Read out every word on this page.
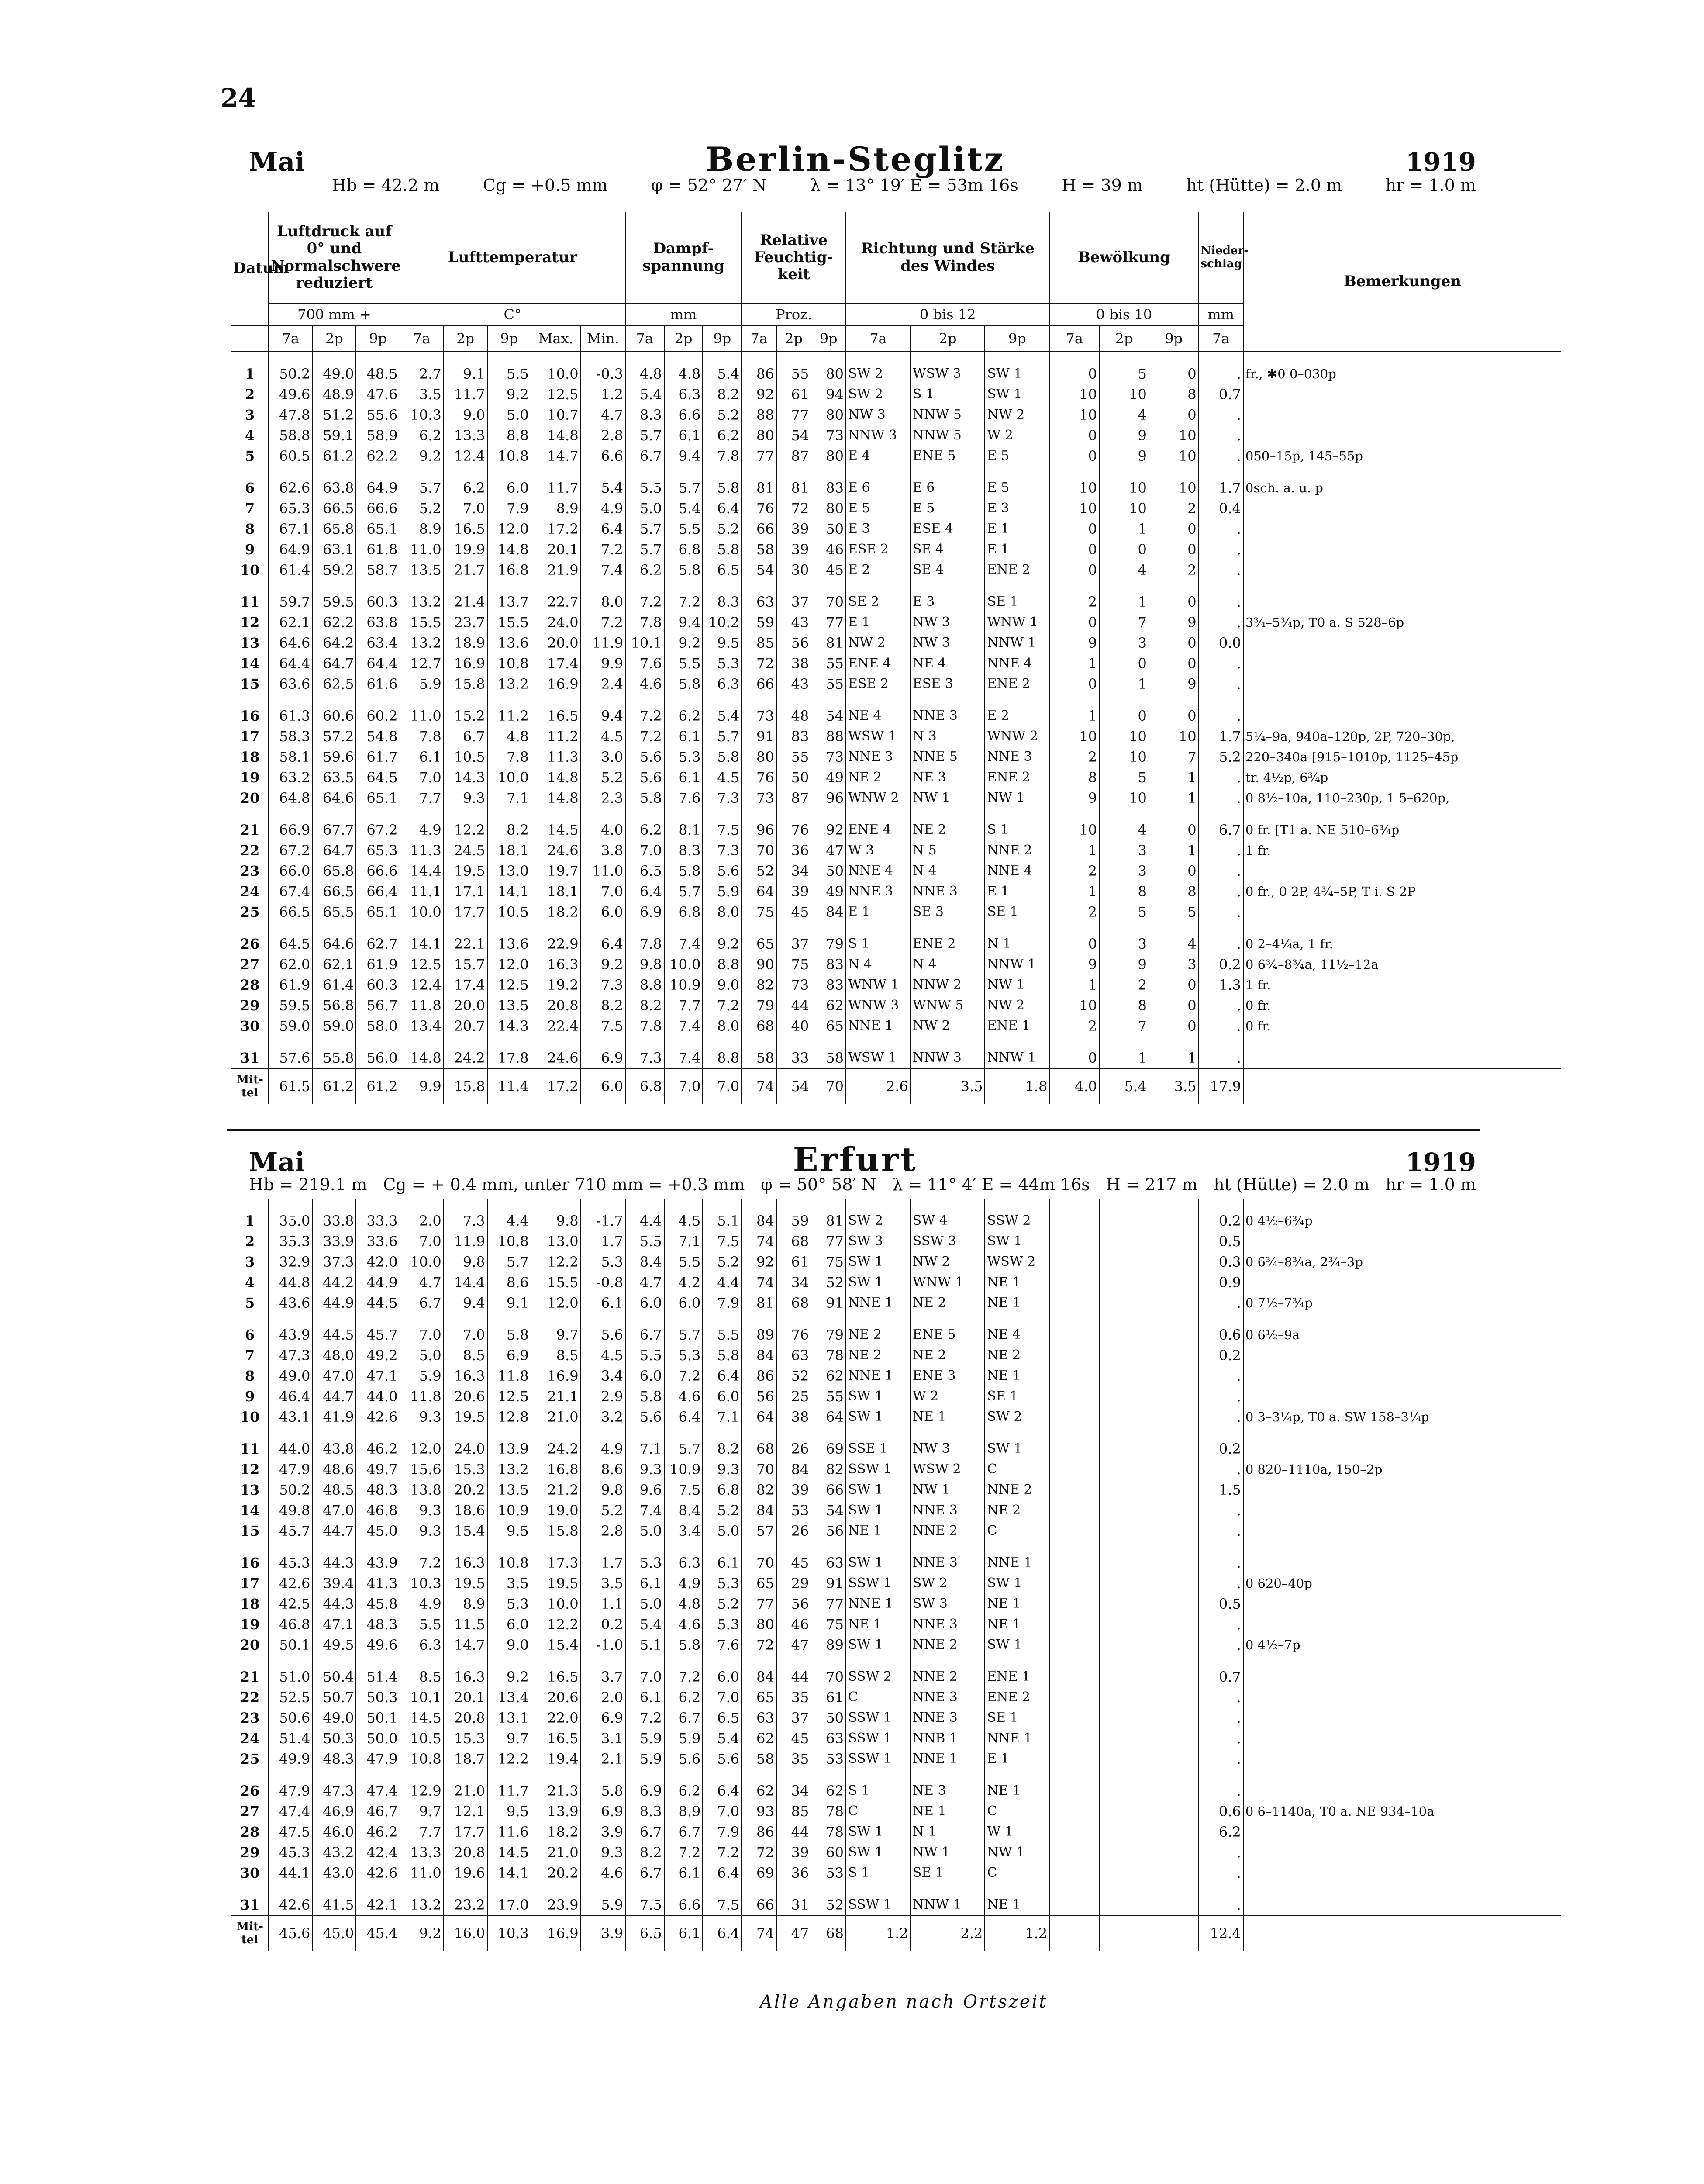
24
Mai	Berlin-Steglitz	1919
Hb = 42.2 m	Cg = +0.5 mm	φ = 52° 27′ N	λ = 13° 19′ E = 53m 16s	H = 39 m	ht (Hütte) = 2.0 m	hr = 1.0 m
Datum	Luftdruck auf 0° und Normalschwere reduziert			Lufttemperatur					Dampf- spannung			Relative Feuchtig- keit			Richtung und Stärke des Windes			Bewölkung			Nieder- schlag	Bemerkungen
	700 mm +			C°					mm			Proz.			0 bis 12			0 bis 10			mm	
	7a	2p	9p	7a	2p	9p	Max.	Min.	7a	2p	9p	7a	2p	9p	7a	2p	9p	7a	2p	9p	7a	
1	50.2	49.0	48.5	2.7	9.1	5.5	10.0	-0.3	4.8	4.8	5.4	86	55	80	SW 2	WSW 3	SW 1	0	5	0	.	fr., ✱0 0–030p
2	49.6	48.9	47.6	3.5	11.7	9.2	12.5	1.2	5.4	6.3	8.2	92	61	94	SW 2	S 1	SW 1	10	10	8	0.7	
3	47.8	51.2	55.6	10.3	9.0	5.0	10.7	4.7	8.3	6.6	5.2	88	77	80	NW 3	NNW 5	NW 2	10	4	0	.	
4	58.8	59.1	58.9	6.2	13.3	8.8	14.8	2.8	5.7	6.1	6.2	80	54	73	NNW 3	NNW 5	W 2	0	9	10	.	
5	60.5	61.2	62.2	9.2	12.4	10.8	14.7	6.6	6.7	9.4	7.8	77	87	80	E 4	ENE 5	E 5	0	9	10	.	050–15p, 145–55p
6	62.6	63.8	64.9	5.7	6.2	6.0	11.7	5.4	5.5	5.7	5.8	81	81	83	E 6	E 6	E 5	10	10	10	1.7	0sch. a. u. p
7	65.3	66.5	66.6	5.2	7.0	7.9	8.9	4.9	5.0	5.4	6.4	76	72	80	E 5	E 5	E 3	10	10	2	0.4	
8	67.1	65.8	65.1	8.9	16.5	12.0	17.2	6.4	5.7	5.5	5.2	66	39	50	E 3	ESE 4	E 1	0	1	0	.	
9	64.9	63.1	61.8	11.0	19.9	14.8	20.1	7.2	5.7	6.8	5.8	58	39	46	ESE 2	SE 4	E 1	0	0	0	.	
10	61.4	59.2	58.7	13.5	21.7	16.8	21.9	7.4	6.2	5.8	6.5	54	30	45	E 2	SE 4	ENE 2	0	4	2	.	
11	59.7	59.5	60.3	13.2	21.4	13.7	22.7	8.0	7.2	7.2	8.3	63	37	70	SE 2	E 3	SE 1	2	1	0	.	
12	62.1	62.2	63.8	15.5	23.7	15.5	24.0	7.2	7.8	9.4	10.2	59	43	77	E 1	NW 3	WNW 1	0	7	9	.	3¾–5¾p, T0 a. S 528–6p
13	64.6	64.2	63.4	13.2	18.9	13.6	20.0	11.9	10.1	9.2	9.5	85	56	81	NW 2	NW 3	NNW 1	9	3	0	0.0	
14	64.4	64.7	64.4	12.7	16.9	10.8	17.4	9.9	7.6	5.5	5.3	72	38	55	ENE 4	NE 4	NNE 4	1	0	0	.	
15	63.6	62.5	61.6	5.9	15.8	13.2	16.9	2.4	4.6	5.8	6.3	66	43	55	ESE 2	ESE 3	ENE 2	0	1	9	.	
16	61.3	60.6	60.2	11.0	15.2	11.2	16.5	9.4	7.2	6.2	5.4	73	48	54	NE 4	NNE 3	E 2	1	0	0	.	
17	58.3	57.2	54.8	7.8	6.7	4.8	11.2	4.5	7.2	6.1	5.7	91	83	88	WSW 1	N 3	WNW 2	10	10	10	1.7	5¼–9a, 940a–120p, 2P, 720–30p,
18	58.1	59.6	61.7	6.1	10.5	7.8	11.3	3.0	5.6	5.3	5.8	80	55	73	NNE 3	NNE 5	NNE 3	2	10	7	5.2	220–340a [915–1010p, 1125–45p
19	63.2	63.5	64.5	7.0	14.3	10.0	14.8	5.2	5.6	6.1	4.5	76	50	49	NE 2	NE 3	ENE 2	8	5	1	.	tr. 4½p, 6¾p
20	64.8	64.6	65.1	7.7	9.3	7.1	14.8	2.3	5.8	7.6	7.3	73	87	96	WNW 2	NW 1	NW 1	9	10	1	.	0 8½–10a, 110–230p, 1 5–620p,
21	66.9	67.7	67.2	4.9	12.2	8.2	14.5	4.0	6.2	8.1	7.5	96	76	92	ENE 4	NE 2	S 1	10	4	0	6.7	0 fr. [T1 a. NE 510–6¾p
22	67.2	64.7	65.3	11.3	24.5	18.1	24.6	3.8	7.0	8.3	7.3	70	36	47	W 3	N 5	NNE 2	1	3	1	.	1 fr.
23	66.0	65.8	66.6	14.4	19.5	13.0	19.7	11.0	6.5	5.8	5.6	52	34	50	NNE 4	N 4	NNE 4	2	3	0	.	
24	67.4	66.5	66.4	11.1	17.1	14.1	18.1	7.0	6.4	5.7	5.9	64	39	49	NNE 3	NNE 3	E 1	1	8	8	.	0 fr., 0 2P, 4¾–5P, T i. S 2P
25	66.5	65.5	65.1	10.0	17.7	10.5	18.2	6.0	6.9	6.8	8.0	75	45	84	E 1	SE 3	SE 1	2	5	5	.	
26	64.5	64.6	62.7	14.1	22.1	13.6	22.9	6.4	7.8	7.4	9.2	65	37	79	S 1	ENE 2	N 1	0	3	4	.	0 2–4¼a, 1 fr.
27	62.0	62.1	61.9	12.5	15.7	12.0	16.3	9.2	9.8	10.0	8.8	90	75	83	N 4	N 4	NNW 1	9	9	3	0.2	0 6¾–8¾a, 11½–12a
28	61.9	61.4	60.3	12.4	17.4	12.5	19.2	7.3	8.8	10.9	9.0	82	73	83	WNW 1	NNW 2	NW 1	1	2	0	1.3	1 fr.
29	59.5	56.8	56.7	11.8	20.0	13.5	20.8	8.2	8.2	7.7	7.2	79	44	62	WNW 3	WNW 5	NW 2	10	8	0	.	0 fr.
30	59.0	59.0	58.0	13.4	20.7	14.3	22.4	7.5	7.8	7.4	8.0	68	40	65	NNE 1	NW 2	ENE 1	2	7	0	.	0 fr.
31	57.6	55.8	56.0	14.8	24.2	17.8	24.6	6.9	7.3	7.4	8.8	58	33	58	WSW 1	NNW 3	NNW 1	0	1	1	.	
Mit-tel	61.5	61.2	61.2	9.9	15.8	11.4	17.2	6.0	6.8	7.0	7.0	74	54	70	2.6	3.5	1.8	4.0	5.4	3.5	17.9	
Mai	Erfurt	1919
Hb = 219.1 m Cg = + 0.4 mm, unter 710 mm = +0.3 mm φ = 50° 58′ N λ = 11° 4′ E = 44m 16s H = 217 m ht (Hütte) = 2.0 m hr = 1.0 m
1	35.0	33.8	33.3	2.0	7.3	4.4	9.8	-1.7	4.4	4.5	5.1	84	59	81	SW 2	SW 4	SSW 2				0.2	0 4½–6¾p
2	35.3	33.9	33.6	7.0	11.9	10.8	13.0	1.7	5.5	7.1	7.5	74	68	77	SW 3	SSW 3	SW 1				0.5	
3	32.9	37.3	42.0	10.0	9.8	5.7	12.2	5.3	8.4	5.5	5.2	92	61	75	SW 1	NW 2	WSW 2				0.3	0 6¾–8¾a, 2¾–3p
4	44.8	44.2	44.9	4.7	14.4	8.6	15.5	-0.8	4.7	4.2	4.4	74	34	52	SW 1	WNW 1	NE 1				0.9	
5	43.6	44.9	44.5	6.7	9.4	9.1	12.0	6.1	6.0	6.0	7.9	81	68	91	NNE 1	NE 2	NE 1				.	0 7½–7¾p
6	43.9	44.5	45.7	7.0	7.0	5.8	9.7	5.6	6.7	5.7	5.5	89	76	79	NE 2	ENE 5	NE 4				0.6	0 6½–9a
7	47.3	48.0	49.2	5.0	8.5	6.9	8.5	4.5	5.5	5.3	5.8	84	63	78	NE 2	NE 2	NE 2				0.2	
8	49.0	47.0	47.1	5.9	16.3	11.8	16.9	3.4	6.0	7.2	6.4	86	52	62	NNE 1	ENE 3	NE 1				.	
9	46.4	44.7	44.0	11.8	20.6	12.5	21.1	2.9	5.8	4.6	6.0	56	25	55	SW 1	W 2	SE 1				.	
10	43.1	41.9	42.6	9.3	19.5	12.8	21.0	3.2	5.6	6.4	7.1	64	38	64	SW 1	NE 1	SW 2				.	0 3–3¼p, T0 a. SW 158–3¼p
11	44.0	43.8	46.2	12.0	24.0	13.9	24.2	4.9	7.1	5.7	8.2	68	26	69	SSE 1	NW 3	SW 1				0.2	
12	47.9	48.6	49.7	15.6	15.3	13.2	16.8	8.6	9.3	10.9	9.3	70	84	82	SSW 1	WSW 2	C				.	0 820–1110a, 150–2p
13	50.2	48.5	48.3	13.8	20.2	13.5	21.2	9.8	9.6	7.5	6.8	82	39	66	SW 1	NW 1	NNE 2				1.5	
14	49.8	47.0	46.8	9.3	18.6	10.9	19.0	5.2	7.4	8.4	5.2	84	53	54	SW 1	NNE 3	NE 2				.	
15	45.7	44.7	45.0	9.3	15.4	9.5	15.8	2.8	5.0	3.4	5.0	57	26	56	NE 1	NNE 2	C				.	
16	45.3	44.3	43.9	7.2	16.3	10.8	17.3	1.7	5.3	6.3	6.1	70	45	63	SW 1	NNE 3	NNE 1				.	
17	42.6	39.4	41.3	10.3	19.5	3.5	19.5	3.5	6.1	4.9	5.3	65	29	91	SSW 1	SW 2	SW 1				.	0 620–40p
18	42.5	44.3	45.8	4.9	8.9	5.3	10.0	1.1	5.0	4.8	5.2	77	56	77	NNE 1	SW 3	NE 1				0.5	
19	46.8	47.1	48.3	5.5	11.5	6.0	12.2	0.2	5.4	4.6	5.3	80	46	75	NE 1	NNE 3	NE 1				.	
20	50.1	49.5	49.6	6.3	14.7	9.0	15.4	-1.0	5.1	5.8	7.6	72	47	89	SW 1	NNE 2	SW 1				.	0 4½–7p
21	51.0	50.4	51.4	8.5	16.3	9.2	16.5	3.7	7.0	7.2	6.0	84	44	70	SSW 2	NNE 2	ENE 1				0.7	
22	52.5	50.7	50.3	10.1	20.1	13.4	20.6	2.0	6.1	6.2	7.0	65	35	61	C	NNE 3	ENE 2				.	
23	50.6	49.0	50.1	14.5	20.8	13.1	22.0	6.9	7.2	6.7	6.5	63	37	50	SSW 1	NNE 3	SE 1				.	
24	51.4	50.3	50.0	10.5	15.3	9.7	16.5	3.1	5.9	5.9	5.4	62	45	63	SSW 1	NNB 1	NNE 1				.	
25	49.9	48.3	47.9	10.8	18.7	12.2	19.4	2.1	5.9	5.6	5.6	58	35	53	SSW 1	NNE 1	E 1				.	
26	47.9	47.3	47.4	12.9	21.0	11.7	21.3	5.8	6.9	6.2	6.4	62	34	62	S 1	NE 3	NE 1				.	
27	47.4	46.9	46.7	9.7	12.1	9.5	13.9	6.9	8.3	8.9	7.0	93	85	78	C	NE 1	C				0.6	0 6–1140a, T0 a. NE 934–10a
28	47.5	46.0	46.2	7.7	17.7	11.6	18.2	3.9	6.7	6.7	7.9	86	44	78	SW 1	N 1	W 1				6.2	
29	45.3	43.2	42.4	13.3	20.8	14.5	21.0	9.3	8.2	7.2	7.2	72	39	60	SW 1	NW 1	NW 1				.	
30	44.1	43.0	42.6	11.0	19.6	14.1	20.2	4.6	6.7	6.1	6.4	69	36	53	S 1	SE 1	C				.	
31	42.6	41.5	42.1	13.2	23.2	17.0	23.9	5.9	7.5	6.6	7.5	66	31	52	SSW 1	NNW 1	NE 1				.	
Mit-tel	45.6	45.0	45.4	9.2	16.0	10.3	16.9	3.9	6.5	6.1	6.4	74	47	68	1.2	2.2	1.2				12.4	
Alle Angaben nach Ortszeit
